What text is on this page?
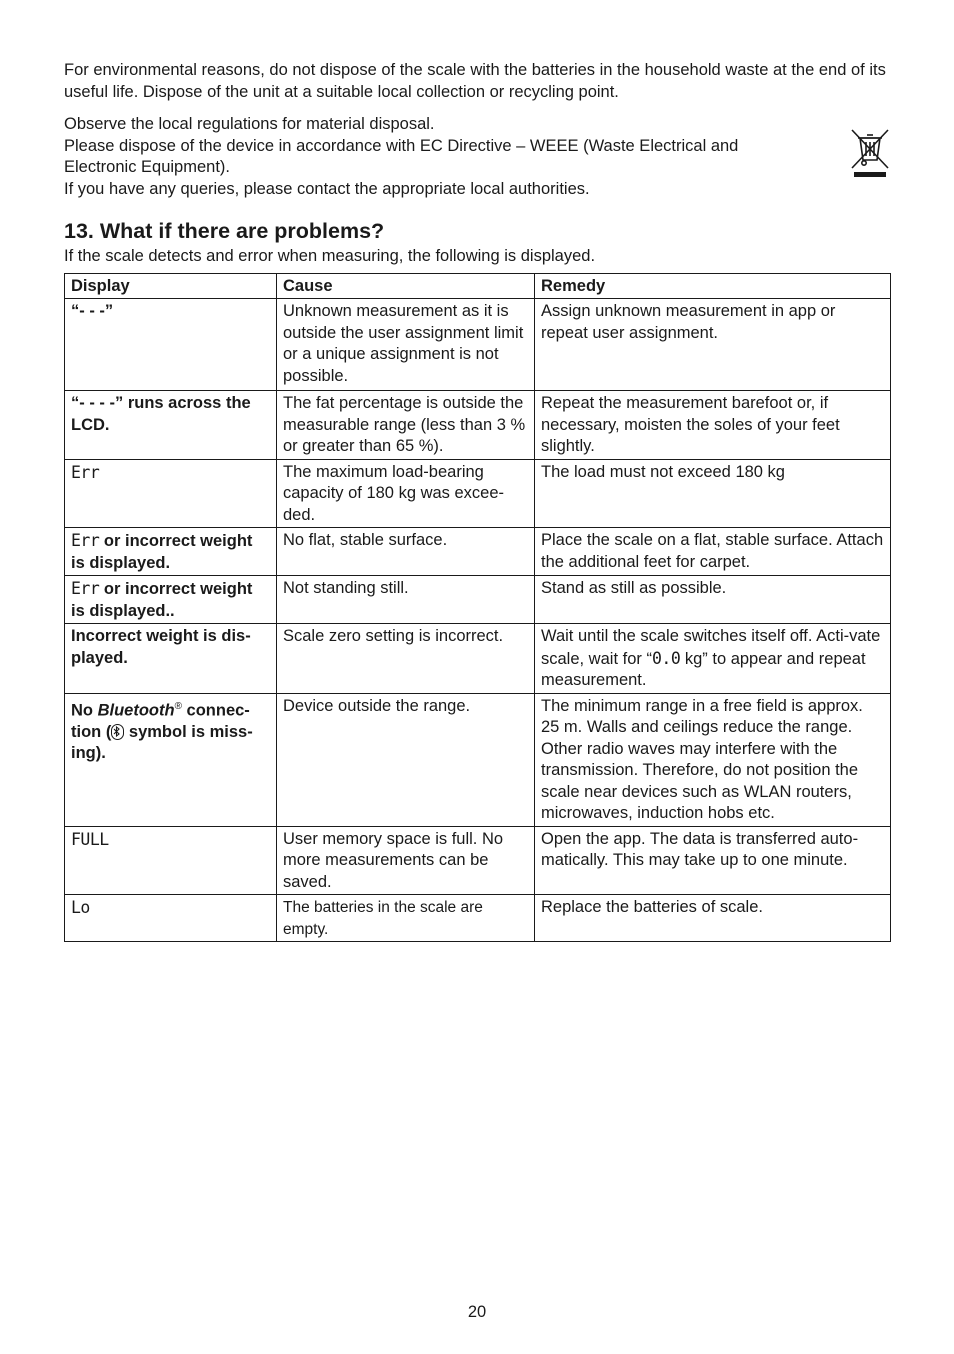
For environmental reasons, do not dispose of the scale with the batteries in the household waste at the end of its useful life. Dispose of the unit at a suitable local collection or recycling point.

Observe the local regulations for material disposal.

Please dispose of the device in accordance with EC Directive – WEEE (Waste Electrical and Electronic Equipment).

If you have any queries, please contact the appropriate local authorities.

13. What if there are problems?

If the scale detects and error when measuring, the following is displayed.

Display	Cause	Remedy
“- - -”	Unknown measurement as it is outside the user assignment limit or a unique assignment is not possible.	Assign unknown measurement in app or repeat user assignment.
“- - - -” runs across the LCD.	The fat percentage is outside the measurable range (less than 3 % or greater than 65 %).	Repeat the measurement barefoot or, if necessary, moisten the soles of your feet slightly.
Err	The maximum load-bearing capacity of 180 kg was excee-ded.	The load must not exceed 180 kg
Err or incorrect weight is displayed.	No flat, stable surface.	Place the scale on a flat, stable surface. Attach the additional feet for carpet.
Err or incorrect weight is displayed..	Not standing still.	Stand as still as possible.
Incorrect weight is dis-played.	Scale zero setting is incorrect.	Wait until the scale switches itself off. Acti-vate scale, wait for “0.0 kg” to appear and repeat measurement.
No Bluetooth® connec-tion (
symbol is miss-ing).	Device outside the range.	The minimum range in a free field is approx. 25 m. Walls and ceilings reduce the range. Other radio waves may interfere with the transmission. Therefore, do not position the scale near devices such as WLAN routers, microwaves, induction hobs etc.
FULL	User memory space is full. No more measurements can be saved.	Open the app. The data is transferred auto-matically. This may take up to one minute.
Lo	The batteries in the scale are empty.	Replace the batteries of scale.
20
